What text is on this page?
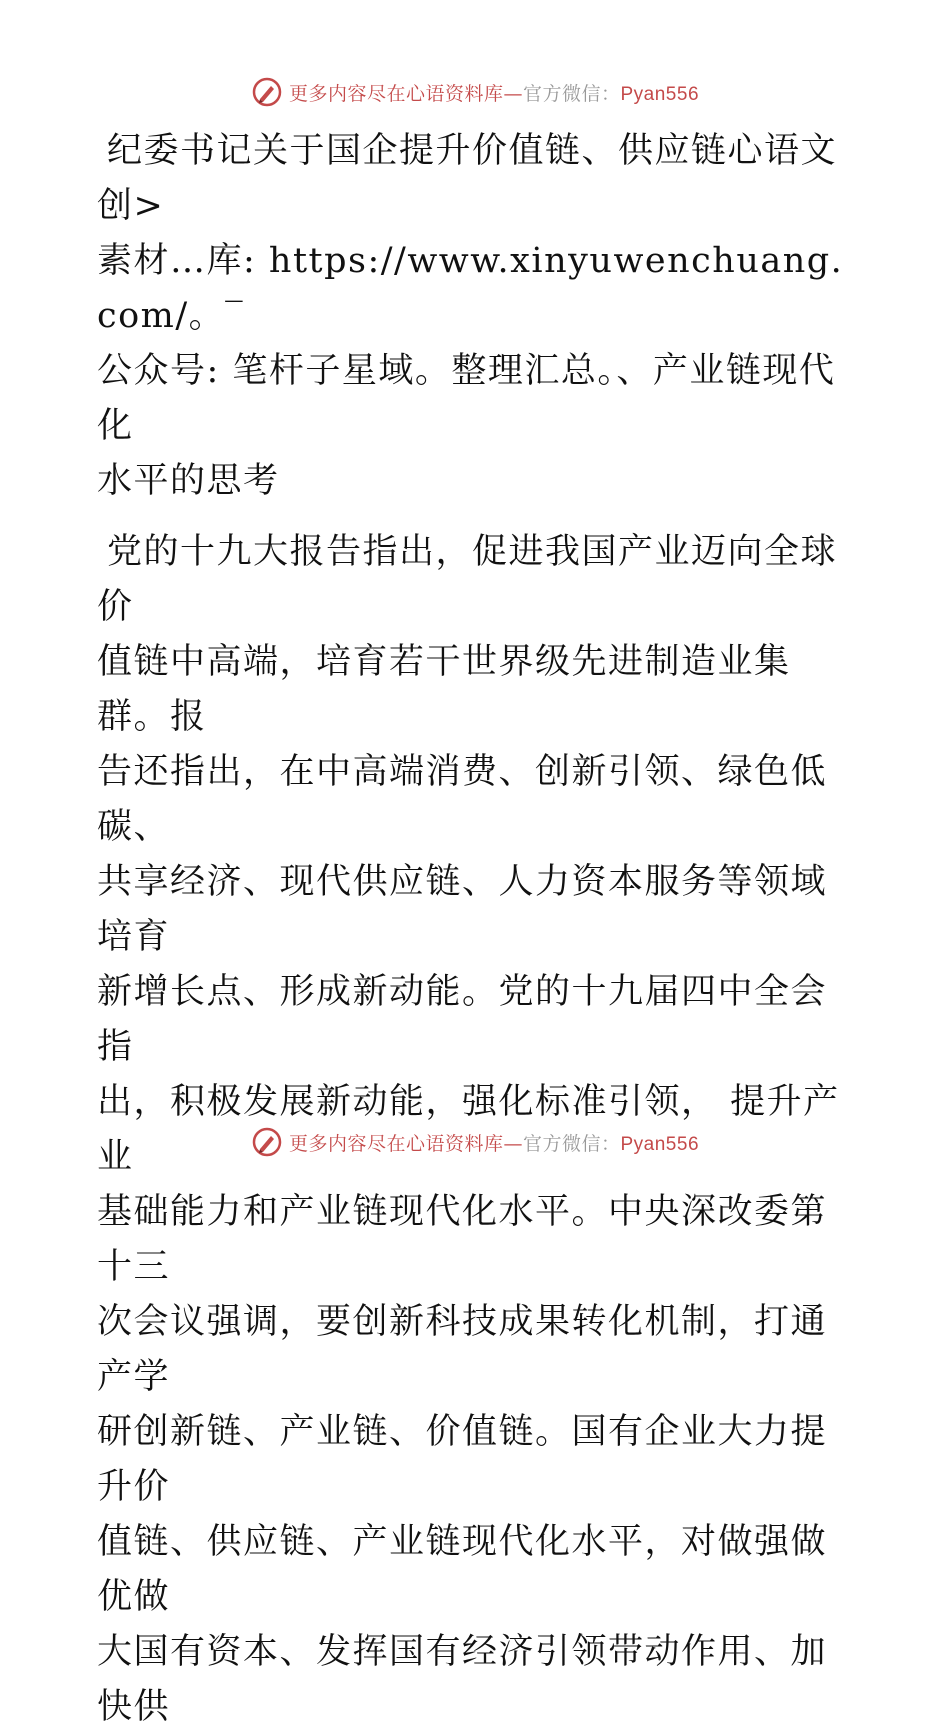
更多内容尽在心语资料库—官方微信：Pyan556

纪委书记关于国企提升价值链、供应链心语文创>
素材…库: https://www.xinyuwenchuang.com/。‾
公众号: 笔杆子星域。整理汇总。、产业链现代化
水平的思考

党的十九大报告指出，促进我国产业迈向全球价
值链中高端，培育若干世界级先进制造业集群。报
告还指出，在中高端消费、创新引领、绿色低碳、
共享经济、现代供应链、人力资本服务等领域培育
新增长点、形成新动能。党的十九届四中全会指
出，积极发展新动能，强化标准引领， 提升产业
基础能力和产业链现代化水平。中央深改委第十三
次会议强调，要创新科技成果转化机制，打通产学
研创新链、产业链、价值链。国有企业大力提升价
值链、供应链、产业链现代化水平，对做强做优做
大国有资本、发挥国有经济引领带动作用、加快供

更多内容尽在心语资料库—官方微信：Pyan556
